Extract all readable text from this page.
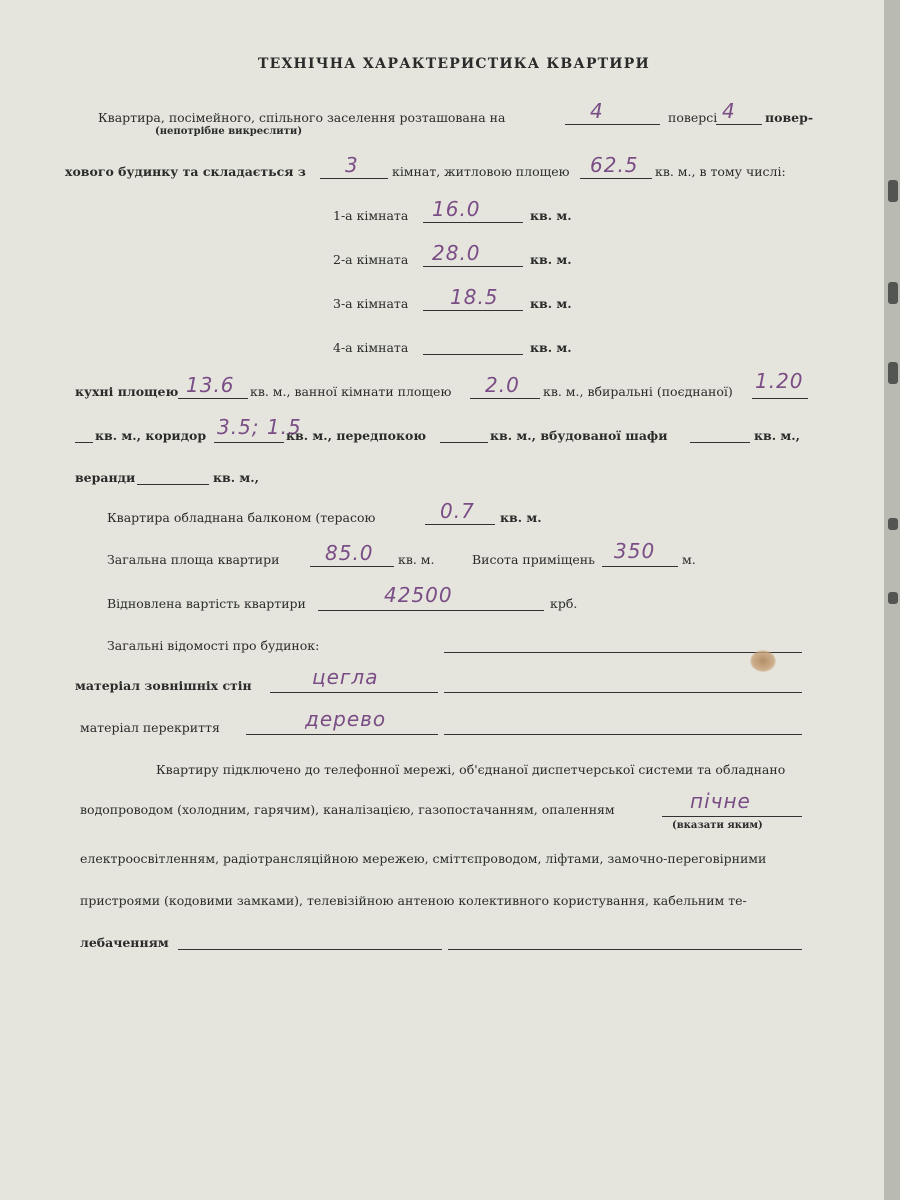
ТЕХНІЧНА ХАРАКТЕРИСТИКА КВАРТИРИ
Квартира, посімейного, спільного заселення розташована на	4	поверсі 4 повер-
(непотрібне викреслити)
хового будинку та складається з 3	кімнат, житловою площею 62.5 кв. м., в тому числі:
1-а кімната 16.0	кв. м.
2-а кімната 28.0	кв. м.
3-а кімната 18.5	кв. м.
4-а кімната	кв. м.
кухні площею 13.6 кв. м., ванної кімнати площею 2.0 кв. м., вбиральні (поєднаної) 1.20
кв. м., коридор 3.5; 1.5
кв. м., передпокою	кв. м., вбудованої шафи	кв. м.,
веранди	кв. м.,
Квартира обладнана балконом (терасою	0.7 кв. м.
Загальна площа квартири 85.0 кв. м.	Висота приміщень 350 м.
Відновлена вартість квартири	42500	крб.
Загальні відомості про будинок:
матеріал зовнішніх стін	цегла
матеріал перекриття	дерево
Квартиру підключено до телефонної мережі, об'єднаної диспетчерської системи та обладнано
водопроводом (холодним, гарячим), каналізацією, газопостачанням, опаленням	пічне
(вказати яким)
електроосвітленням, радіотрансляційною мережею, сміттєпроводом, ліфтами, замочно-переговірними
пристроями (кодовими замками), телевізійною антеною колективного користування, кабельним те-
лебаченням
